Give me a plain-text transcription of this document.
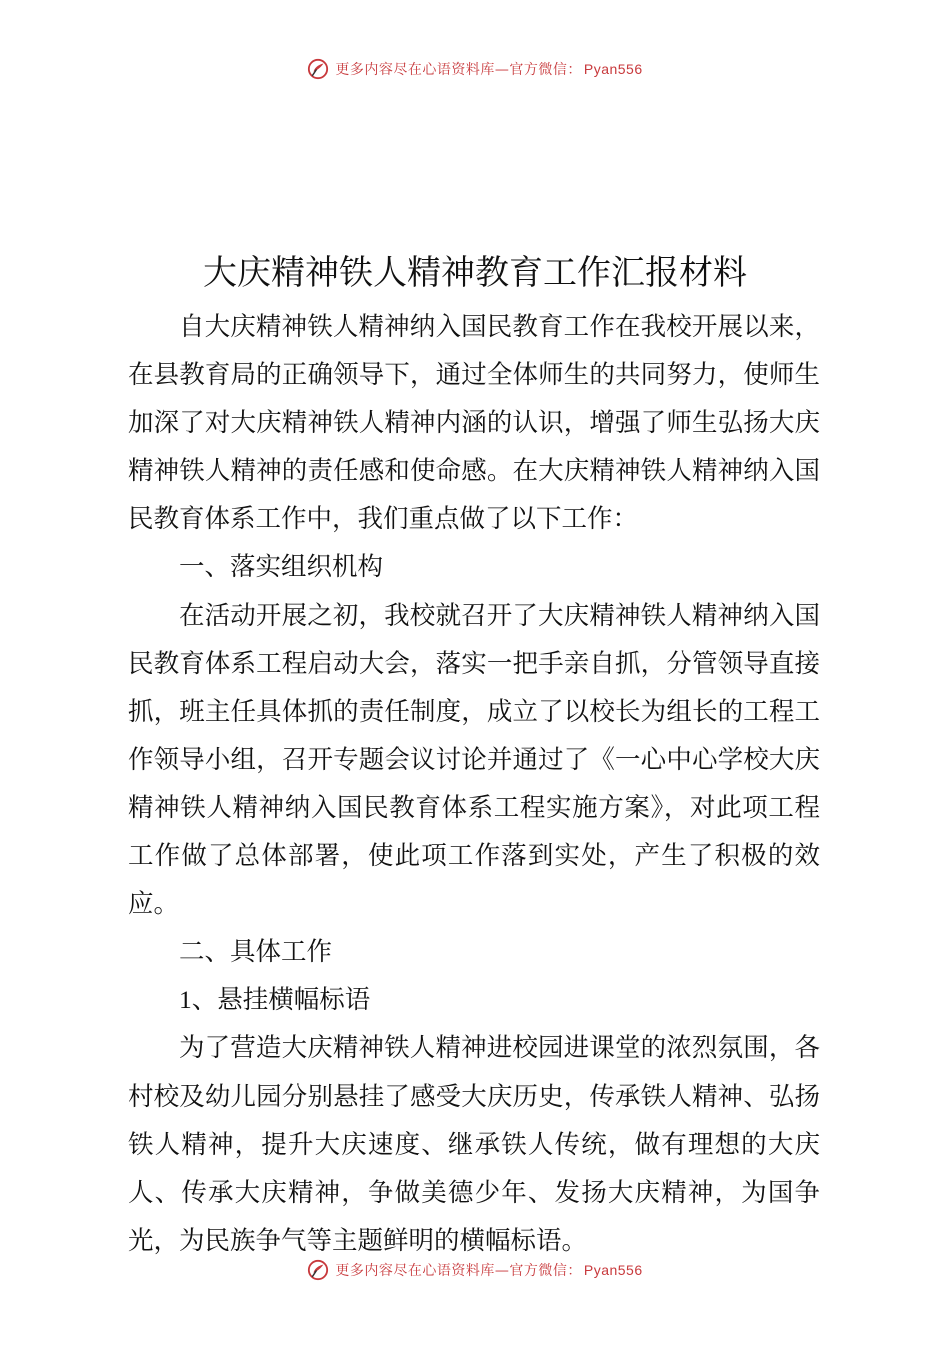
更多内容尽在心语资料库—官方微信： Pyan556
大庆精神铁人精神教育工作汇报材料

自大庆精神铁人精神纳入国民教育工作在我校开展以来，在县教育局的正确领导下，通过全体师生的共同努力，使师生加深了对大庆精神铁人精神内涵的认识，增强了师生弘扬大庆精神铁人精神的责任感和使命感。在大庆精神铁人精神纳入国民教育体系工作中，我们重点做了以下工作：

一、落实组织机构

在活动开展之初，我校就召开了大庆精神铁人精神纳入国民教育体系工程启动大会，落实一把手亲自抓，分管领导直接抓，班主任具体抓的责任制度，成立了以校长为组长的工程工作领导小组，召开专题会议讨论并通过了《一心中心学校大庆精神铁人精神纳入国民教育体系工程实施方案》，对此项工程工作做了总体部署，使此项工作落到实处，产生了积极的效应。

二、具体工作

1、悬挂横幅标语

为了营造大庆精神铁人精神进校园进课堂的浓烈氛围，各村校及幼儿园分别悬挂了感受大庆历史，传承铁人精神、弘扬铁人精神，提升大庆速度、继承铁人传统，做有理想的大庆人、传承大庆精神，争做美德少年、发扬大庆精神，为国争光，为民族争气等主题鲜明的横幅标语。

更多内容尽在心语资料库—官方微信： Pyan556
